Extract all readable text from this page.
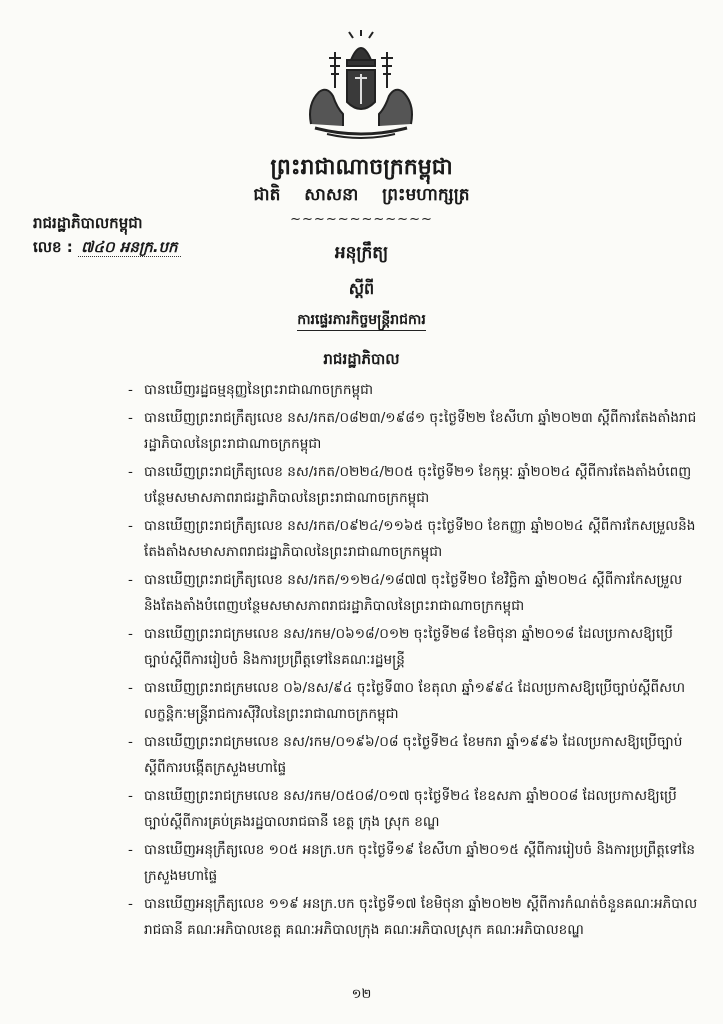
ព្រះរាជាណាចក្រកម្ពុជា
ជាតិ សាសនា ព្រះមហាក្សត្រ
~~~~~~~~~~~~
រាជរដ្ឋាភិបាលកម្ពុជា
លេខ : ៧៤០ អនក្រ.បក	អនុក្រឹត្យ
ស្តីពី
ការផ្ទេរភារកិច្ចមន្ត្រីរាជការ
រាជរដ្ឋាភិបាល
- បានឃើញរដ្ឋធម្មនុញ្ញនៃព្រះរាជាណាចក្រកម្ពុជា
- បានឃើញព្រះរាជក្រឹត្យលេខ នស/រកត/០៨២៣/១៩៨១ ចុះថ្ងៃទី២២ ខែសីហា ឆ្នាំ២០២៣ ស្តីពីការតែងតាំងរាជរដ្ឋាភិបាលនៃព្រះរាជាណាចក្រកម្ពុជា
- បានឃើញព្រះរាជក្រឹត្យលេខ នស/រកត/០២២៤/២០៥ ចុះថ្ងៃទី២១ ខែកុម្ភៈ ឆ្នាំ២០២៤ ស្តីពីការតែងតាំងបំពេញបន្ថែមសមាសភាពរាជរដ្ឋាភិបាលនៃព្រះរាជាណាចក្រកម្ពុជា
- បានឃើញព្រះរាជក្រឹត្យលេខ នស/រកត/០៩២៤/១១៦៥ ចុះថ្ងៃទី២០ ខែកញ្ញា ឆ្នាំ២០២៤ ស្តីពីការកែសម្រួលនិងតែងតាំងសមាសភាពរាជរដ្ឋាភិបាលនៃព្រះរាជាណាចក្រកម្ពុជា
- បានឃើញព្រះរាជក្រឹត្យលេខ នស/រកត/១១២៤/១៨៧៧ ចុះថ្ងៃទី២០ ខែវិច្ឆិកា ឆ្នាំ២០២៤ ស្តីពីការកែសម្រួលនិងតែងតាំងបំពេញបន្ថែមសមាសភាពរាជរដ្ឋាភិបាលនៃព្រះរាជាណាចក្រកម្ពុជា
- បានឃើញព្រះរាជក្រមលេខ នស/រកម/០៦១៨/០១២ ចុះថ្ងៃទី២៨ ខែមិថុនា ឆ្នាំ២០១៨ ដែលប្រកាសឱ្យប្រើច្បាប់ស្តីពីការរៀបចំ និងការប្រព្រឹត្តទៅនៃគណៈរដ្ឋមន្ត្រី
- បានឃើញព្រះរាជក្រមលេខ ០៦/នស/៩៤ ចុះថ្ងៃទី៣០ ខែតុលា ឆ្នាំ១៩៩៤ ដែលប្រកាសឱ្យប្រើច្បាប់ស្តីពីសហលក្ខន្តិកៈមន្ត្រីរាជការស៊ីវិលនៃព្រះរាជាណាចក្រកម្ពុជា
- បានឃើញព្រះរាជក្រមលេខ នស/រកម/០១៩៦/០៨ ចុះថ្ងៃទី២៤ ខែមករា ឆ្នាំ១៩៩៦ ដែលប្រកាសឱ្យប្រើច្បាប់ស្តីពីការបង្កើតក្រសួងមហាផ្ទៃ
- បានឃើញព្រះរាជក្រមលេខ នស/រកម/០៥០៨/០១៧ ចុះថ្ងៃទី២៤ ខែឧសភា ឆ្នាំ២០០៨ ដែលប្រកាសឱ្យប្រើច្បាប់ស្តីពីការគ្រប់គ្រងរដ្ឋបាលរាជធានី ខេត្ត ក្រុង ស្រុក ខណ្ឌ
- បានឃើញអនុក្រឹត្យលេខ ១០៥ អនក្រ.បក ចុះថ្ងៃទី១៩ ខែសីហា ឆ្នាំ២០១៥ ស្តីពីការរៀបចំ និងការប្រព្រឹត្តទៅនៃក្រសួងមហាផ្ទៃ
- បានឃើញអនុក្រឹត្យលេខ ១១៩ អនក្រ.បក ចុះថ្ងៃទី១៧ ខែមិថុនា ឆ្នាំ២០២២ ស្តីពីការកំណត់ចំនួនគណៈអភិបាលរាជធានី គណៈអភិបាលខេត្ត គណៈអភិបាលក្រុង គណៈអភិបាលស្រុក គណៈអភិបាលខណ្ឌ
១២
